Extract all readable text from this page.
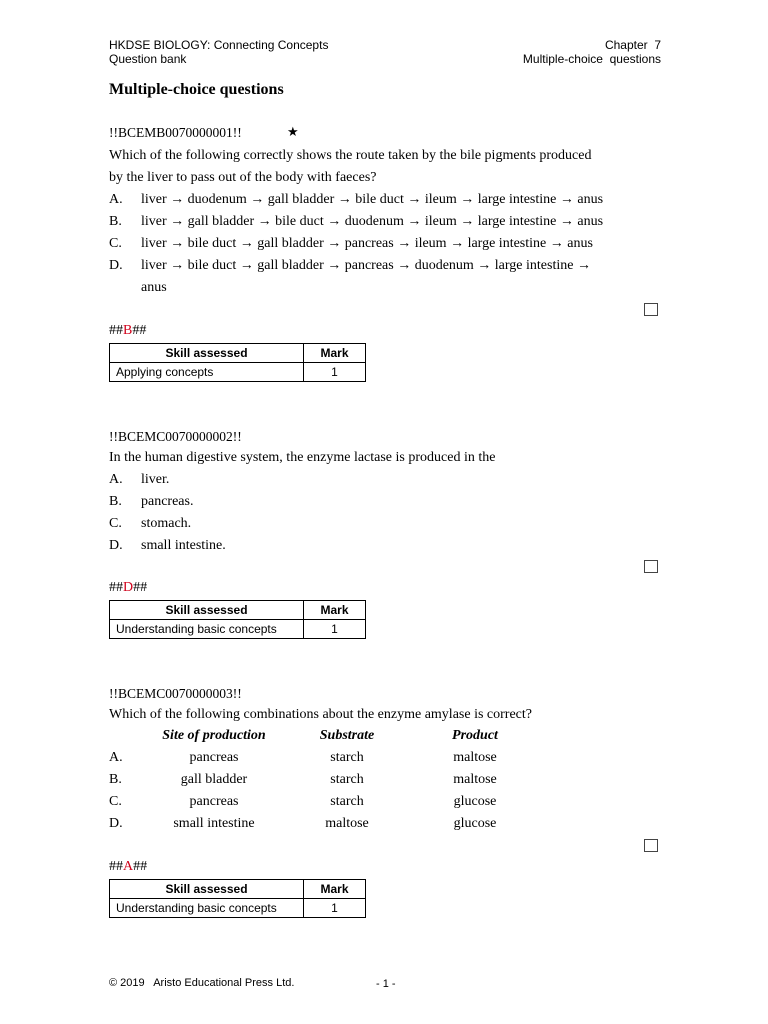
HKDSE BIOLOGY: Connecting Concepts
Question bank
Chapter  7
Multiple-choice  questions
Multiple-choice questions
!!BCEMB0070000001!!	★
Which of the following correctly shows the route taken by the bile pigments produced
by the liver to pass out of the body with faeces?
A. liver → duodenum → gall bladder → bile duct → ileum → large intestine → anus
B. liver → gall bladder → bile duct → duodenum → ileum → large intestine → anus
C. liver → bile duct → gall bladder → pancreas → ileum → large intestine → anus
D. liver → bile duct → gall bladder → pancreas → duodenum → large intestine →
anus
##B##
Skill assessed	Mark
Applying concepts	1
!!BCEMC0070000002!!
In the human digestive system, the enzyme lactase is produced in the
A. liver.
B. pancreas.
C. stomach.
D. small intestine.
##D##
Skill assessed	Mark
Understanding basic concepts	1
!!BCEMC0070000003!!
Which of the following combinations about the enzyme amylase is correct?
Site of production	Substrate	Product
A.	pancreas	starch	maltose
B.	gall bladder	starch	maltose
C.	pancreas	starch	glucose
D.	small intestine	maltose	glucose
##A##
Skill assessed	Mark
Understanding basic concepts	1
© 2019   Aristo Educational Press Ltd.	- 1 -
